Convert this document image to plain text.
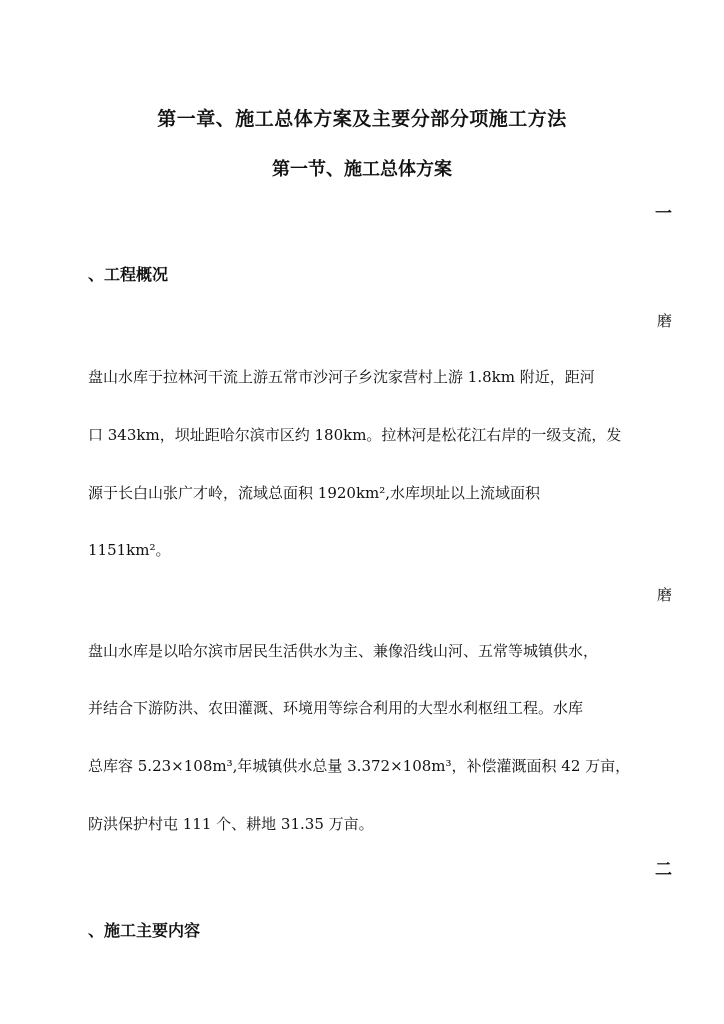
第一章、施工总体方案及主要分部分项施工方法
第一节、施工总体方案
一
、工程概况
磨
盘山水库于拉林河干流上游五常市沙河子乡沈家营村上游 1.8km 附近，距河
口 343km，坝址距哈尔滨市区约 180km。拉林河是松花江右岸的一级支流，发
源于长白山张广才岭，流域总面积 1920km²,水库坝址以上流域面积
1151km²。
磨
盘山水库是以哈尔滨市居民生活供水为主、兼像沿线山河、五常等城镇供水，
并结合下游防洪、农田灌溉、环境用等综合利用的大型水利枢纽工程。水库
总库容 5.23×108m³,年城镇供水总量 3.372×108m³，补偿灌溉面积 42 万亩，
防洪保护村屯 111 个、耕地 31.35 万亩。
二
、施工主要内容
